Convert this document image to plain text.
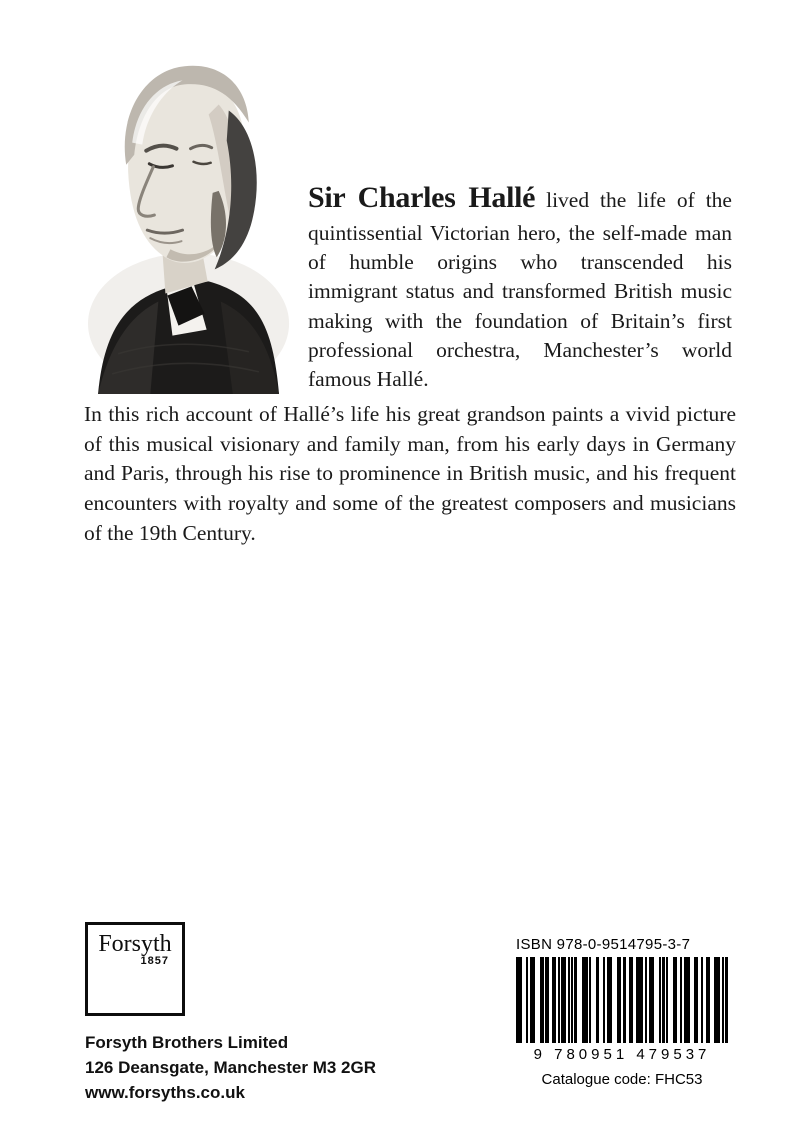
Sir Charles Hallé lived the life of the quintissential Victorian hero, the self-made man of humble origins who transcended his immigrant status and transformed British music making with the foundation of Britain’s first professional orchestra, Manchester’s world famous Hallé.

In this rich account of Hallé’s life his great grandson paints a vivid picture of this musical visionary and family man, from his early days in Germany and Paris, through his rise to prominence in British music, and his frequent encounters with royalty and some of the greatest composers and musicians of the 19th Century.

Forsyth
1857
Forsyth Brothers Limited
126 Deansgate, Manchester M3 2GR
www.forsyths.co.uk
ISBN 978-0-9514795-3-7
9 780951 479537
Catalogue code: FHC53
